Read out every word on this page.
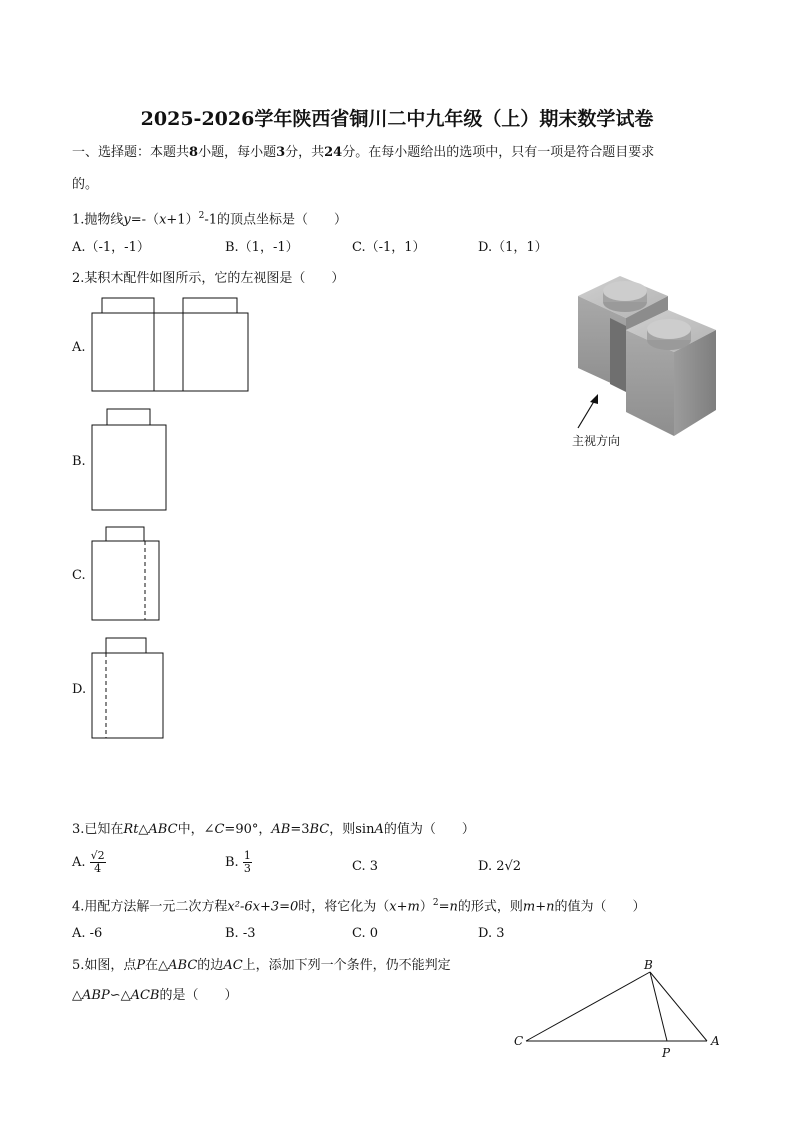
2025-2026学年陕西省铜川二中九年级（上）期末数学试卷
一、选择题：本题共8小题，每小题3分，共24分。在每小题给出的选项中，只有一项是符合题目要求
的。
1.抛物线$y=-(x+1)^2-1$的顶点坐标是（　　）
A.（-1，-1）	B.（1，-1）	C.（-1，1）	D.（1，1）
2.某积木配件如图所示，它的左视图是（　　）
A.
B.
C.
D.
主视方向
3.已知在Rt△ABC中，∠C=90°，AB=3BC，则sinA的值为（　　）
A. $\frac{√2}{4}$	B. $\frac{1}{3}$	C. 3	D. 2√2
4.用配方法解一元二次方程x²-6x+3=0时，将它化为$(x+m)^2=n$的形式，则m+n的值为（　　）
A. -6	B. -3	C. 0	D. 3
5.如图，点P在△ABC的边AC上，添加下列一个条件，仍不能判定
△ABP∽△ACB的是（　　）
B
C
P
A
